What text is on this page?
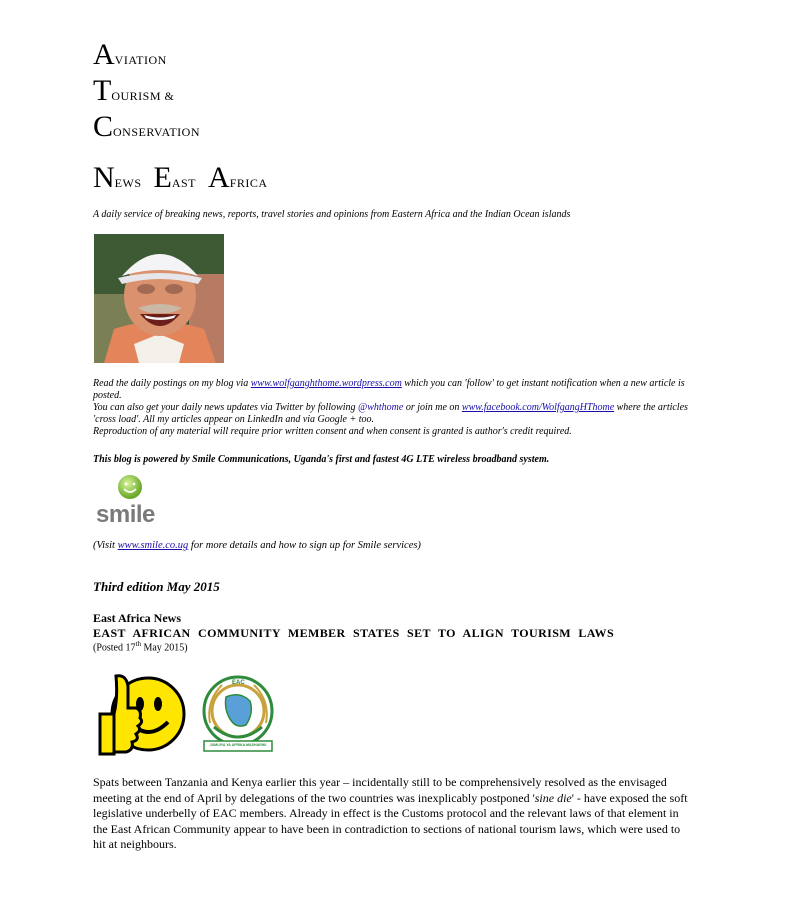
AVIATION
TOURISM &
CONSERVATION
NEWS EAST AFRICA
A daily service of breaking news, reports, travel stories and opinions from Eastern Africa and the Indian Ocean islands
Read the daily postings on my blog via www.wolfganghthome.wordpress.com which you can 'follow' to get instant notification when a new article is posted.
You can also get your daily news updates via Twitter by following @whthome or join me on www.facebook.com/WolfgangHThome where the articles 'cross load'. All my articles appear on LinkedIn and via Google + too.
Reproduction of any material will require prior written consent and when consent is granted is author's credit required.
This blog is powered by Smile Communications, Uganda's first and fastest 4G LTE wireless broadband system.
smile
(Visit www.smile.co.ug for more details and how to sign up for Smile services)
Third edition May 2015
East Africa News
EAST AFRICAN COMMUNITY MEMBER STATES SET TO ALIGN TOURISM LAWS
(Posted 17th May 2015)
EAC
JUMUIYA YA AFRIKA MASHARIKI
Spats between Tanzania and Kenya earlier this year – incidentally still to be comprehensively resolved as the envisaged meeting at the end of April by delegations of the two countries was inexplicably postponed 'sine die' - have exposed the soft legislative underbelly of EAC members. Already in effect is the Customs protocol and the relevant laws of that element in the East African Community appear to have been in contradiction to sections of national tourism laws, which were used to hit at neighbours.
